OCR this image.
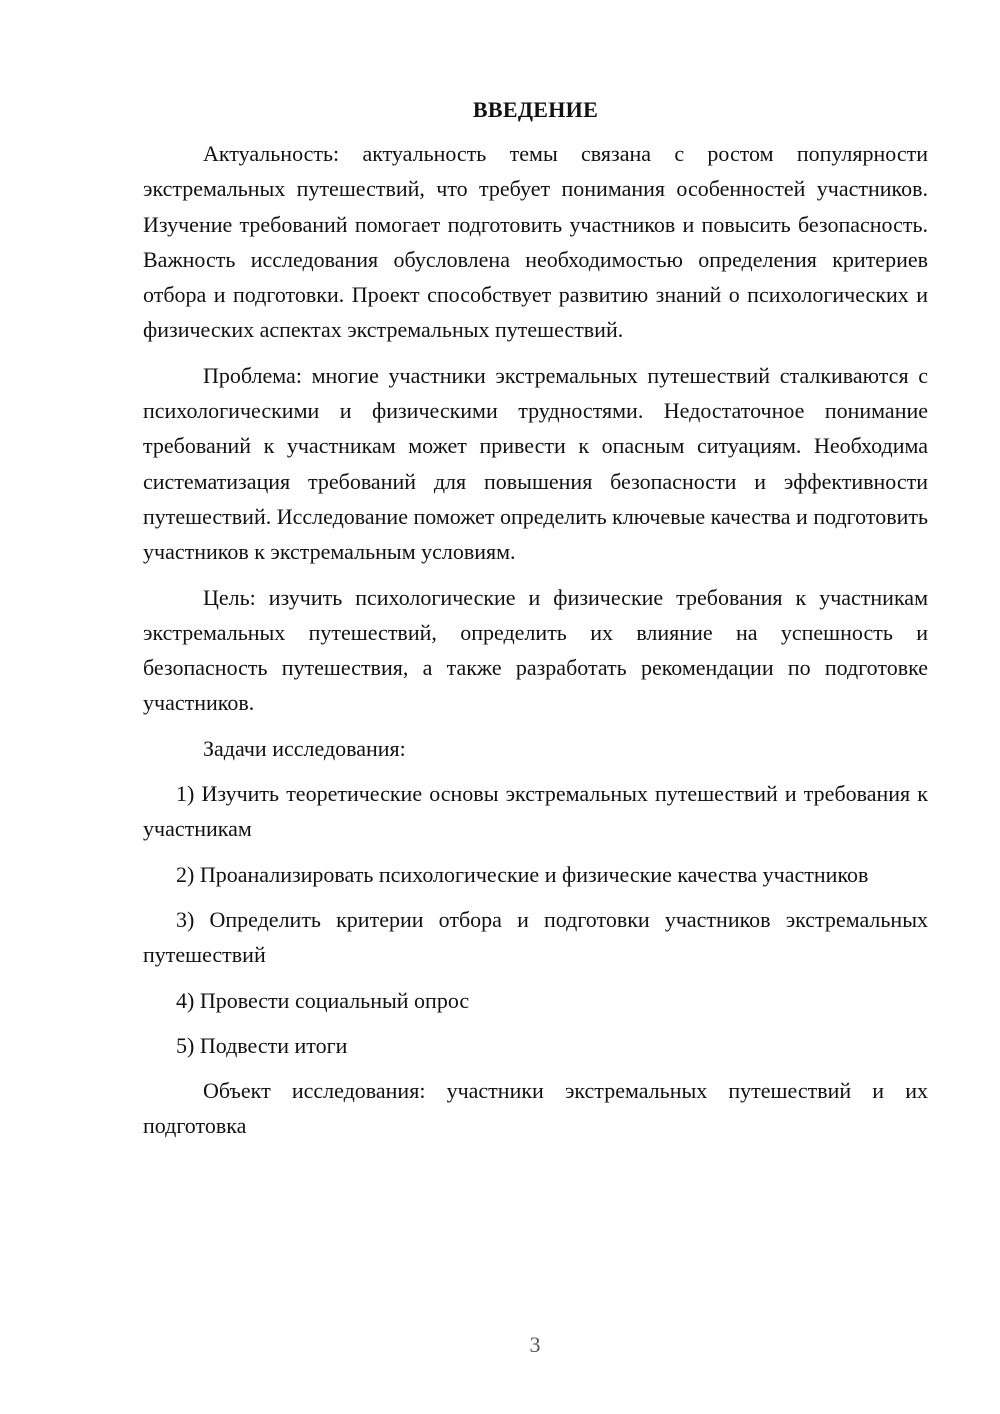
ВВЕДЕНИЕ

Актуальность: актуальность темы связана с ростом популярности экстремальных путешествий, что требует понимания особенностей участников. Изучение требований помогает подготовить участников и повысить безопасность. Важность исследования обусловлена необходимостью определения критериев отбора и подготовки. Проект способствует развитию знаний о психологических и физических аспектах экстремальных путешествий.

Проблема: многие участники экстремальных путешествий сталкиваются с психологическими и физическими трудностями. Недостаточное понимание требований к участникам может привести к опасным ситуациям. Необходима систематизация требований для повышения безопасности и эффективности путешествий. Исследование поможет определить ключевые качества и подготовить участников к экстремальным условиям.

Цель: изучить психологические и физические требования к участникам экстремальных путешествий, определить их влияние на успешность и безопасность путешествия, а также разработать рекомендации по подготовке участников.

Задачи исследования:

1) Изучить теоретические основы экстремальных путешествий и требования к участникам

2) Проанализировать психологические и физические качества участников

3) Определить критерии отбора и подготовки участников экстремальных путешествий

4) Провести социальный опрос

5) Подвести итоги

Объект исследования: участники экстремальных путешествий и их подготовка

3
